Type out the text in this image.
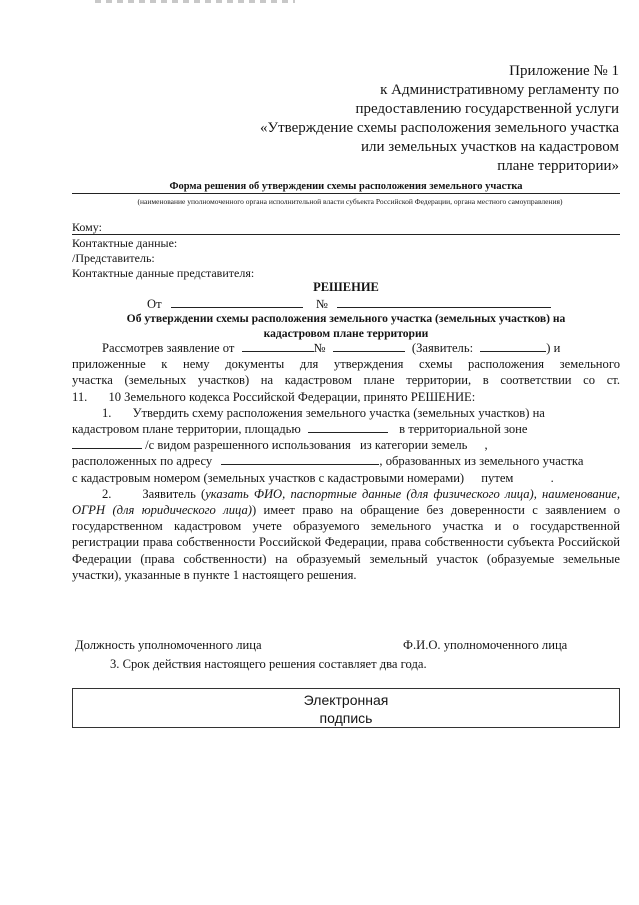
Приложение № 1
к Административному регламенту по
предоставлению государственной услуги
«Утверждение схемы расположения земельного участка
или земельных участков на кадастровом
плане территории»
Форма решения об утверждении схемы расположения земельного участка
(наименование уполномоченного органа исполнительной власти субъекта Российской Федерации, органа местного самоуправления)
Кому:
Контактные данные:
/Представитель:
Контактные данные представителя:
РЕШЕНИЕ
От	№
Об утверждении схемы расположения земельного участка (земельных участков) на
кадастровом плане территории

Рассмотрев заявление от	№	(Заявитель:	) и

приложенные к нему документы для утверждения схемы расположения земельного

участка (земельных участков) на кадастровом плане территории, в соответствии со ст.

11. 10 Земельного кодекса Российской Федерации, принято РЕШЕНИЕ:

1. Утвердить схему расположения земельного участка (земельных участков) на

кадастровом плане территории, площадью	в территориальной зоне

/с видом разрешенного использования из категории земель ,

расположенных по адресу	, образованных из земельного участка

с кадастровым номером (земельных участков с кадастровыми номерами) путем	.

2. Заявитель (указать ФИО, паспортные данные (для физического лица), наименование, ОГРН (для юридического лица)) имеет право на обращение без доверенности с заявлением о государственном кадастровом учете образуемого земельного участка и о государственной регистрации права собственности Российской Федерации, права собственности субъекта Российской Федерации (права собственности) на образуемый земельный участок (образуемые земельные участки), указанные в пункте 1 настоящего решения.

Должность уполномоченного лица	Ф.И.О. уполномоченного лица
3. Срок действия настоящего решения составляет два года.
Электронная
подпись
